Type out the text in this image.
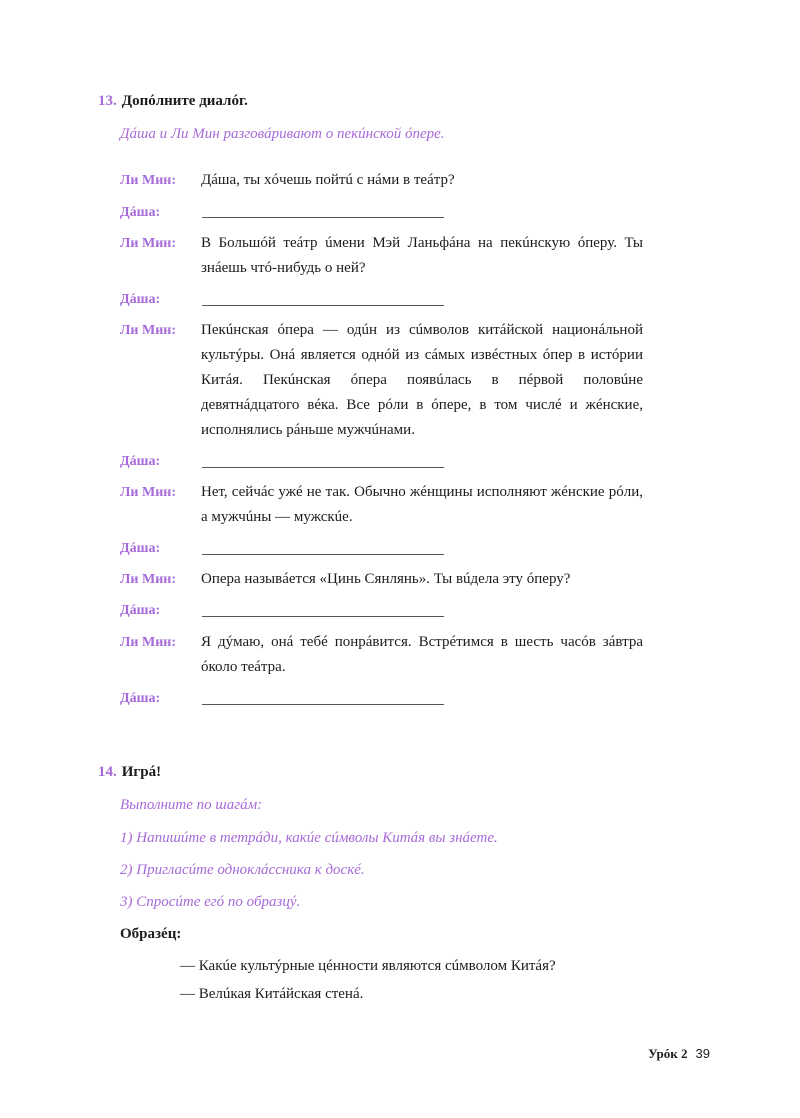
13. Допóлните диалóг.
Дáша и Ли Мин разговáривают о пекúнской óпере.
Ли Мин:	Дáша, ты хóчешь пойтú с нáми в теáтр?
Дáша:
Ли Мин:	В Большóй теáтр úмени Мэй Ланьфáна на пекúнскую óперу. Ты знáешь чтó-нибудь о ней?
Дáша:
Ли Мин:	Пекúнская óпера — одúн из сúмволов китáйской национáльной культýры. Онá является однóй из сáмых извéстных óпер в истóрии Китáя. Пекúнская óпера появúлась в пéрвой половúне девятнáдцатого вéка. Все рóли в óпере, в том числé и жéнские, исполнялись рáньше мужчúнами.
Дáша:
Ли Мин:	Нет, сейчáс ужé не так. Обычно жéнщины исполняют жéнские рóли, а мужчúны — мужскúе.
Дáша:
Ли Мин:	Опера назывáется «Цинь Сянлянь». Ты вúдела эту óперу?
Дáша:
Ли Мин:	Я дýмаю, онá тебé понрáвится. Встрéтимся в шесть часóв зáвтра óколо теáтра.
Дáша:
14. Игрá!
Выполните по шагáм:
1) Напишúте в тетрáди, какúе сúмволы Китáя вы знáете.
2) Пригласúте одноклáссника к доскé.
3) Спросúте егó по образцý.
Образéц:
— Какúе культýрные цéнности являются сúмволом Китáя?
— Велúкая Китáйская стенá.
Урóк 2 39
